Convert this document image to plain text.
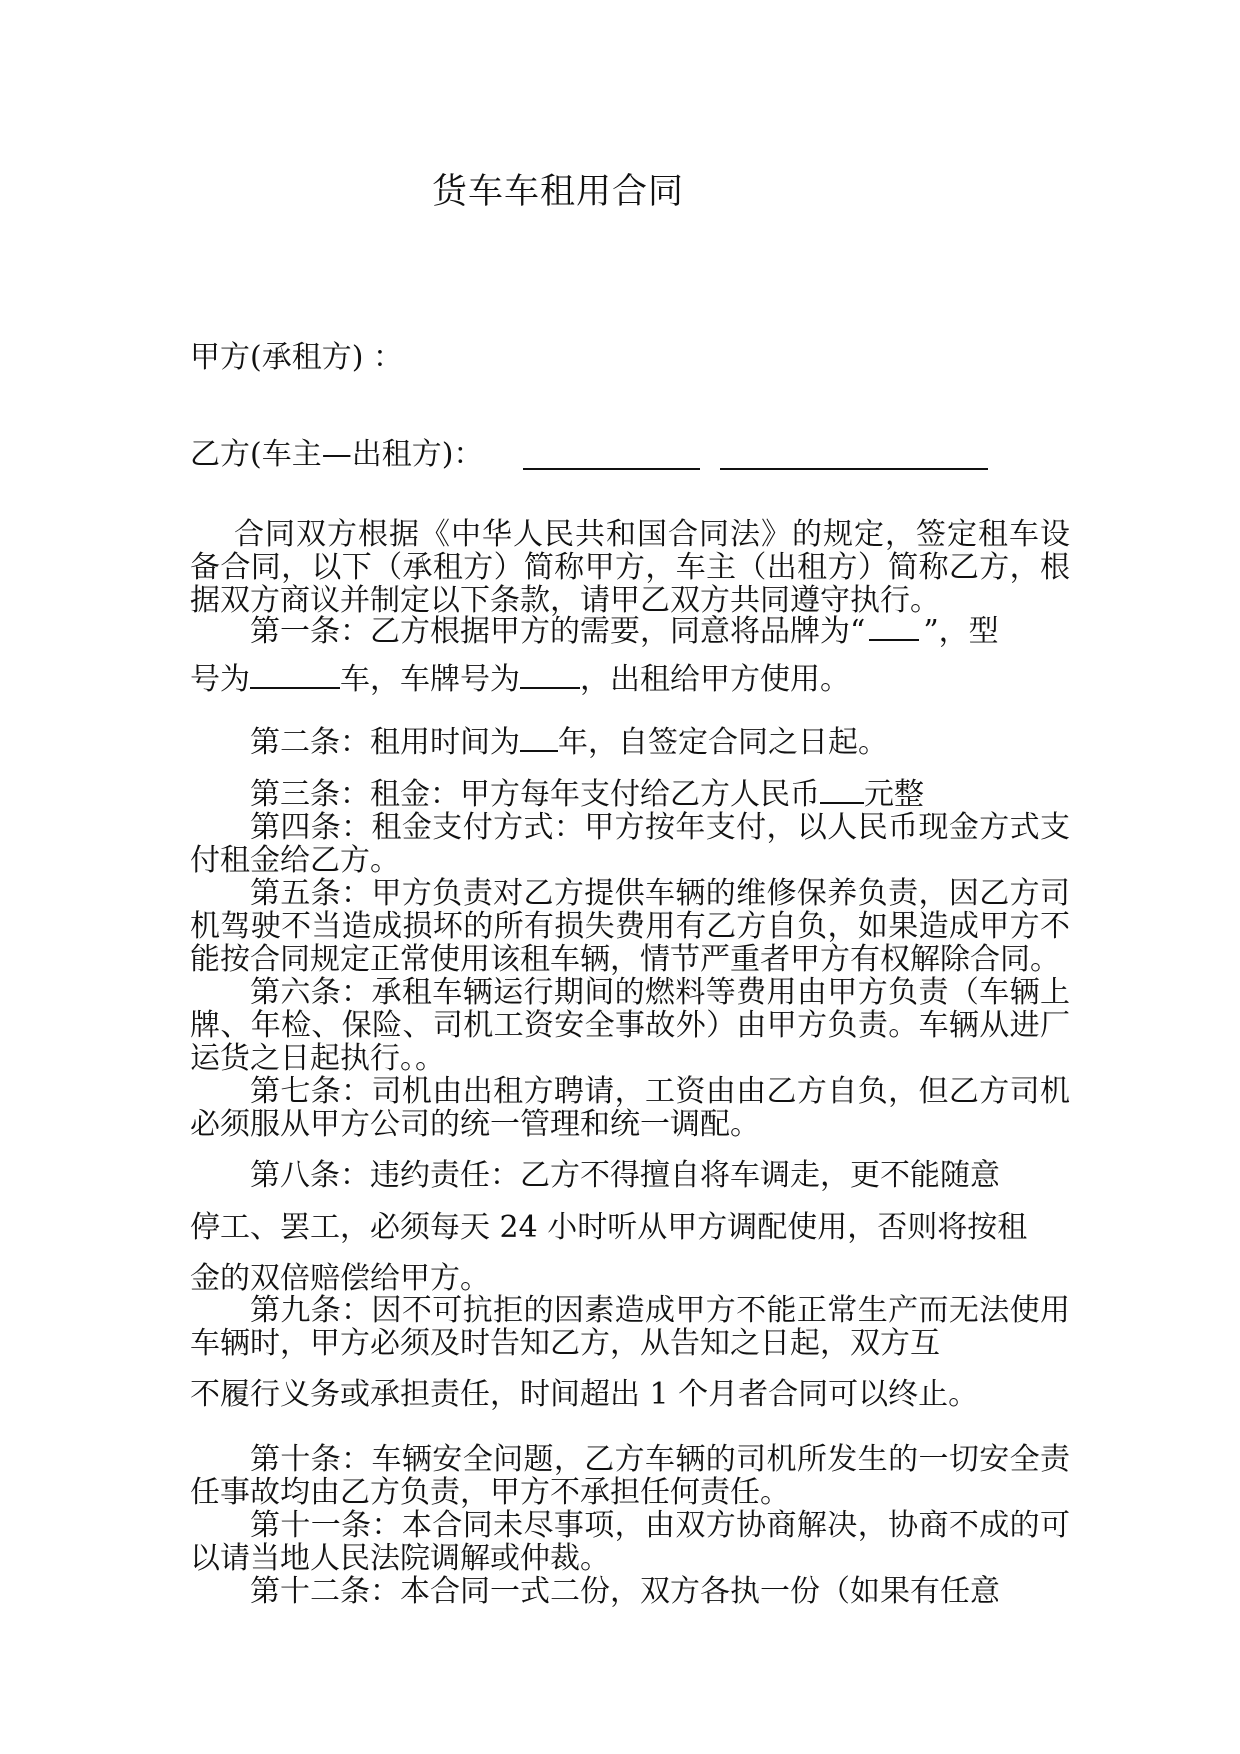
货车车租用合同
甲方(承租方) ：
乙方(车主—出租方)：

合同双方根据《中华人民共和国合同法》的规定，签定租车设备合同，以下（承租方）简称甲方，车主（出租方）简称乙方，根据双方商议并制定以下条款，请甲乙双方共同遵守执行。

第一条：乙方根据甲方的需要，同意将品牌为“ ”，型

号为	车，车牌号为 ，出租给甲方使用。

第二条：租用时间为 年，自签定合同之日起。

第三条：租金：甲方每年支付给乙方人民币 元整

第四条：租金支付方式：甲方按年支付，以人民币现金方式支付租金给乙方。

第五条：甲方负责对乙方提供车辆的维修保养负责，因乙方司机驾驶不当造成损坏的所有损失费用有乙方自负，如果造成甲方不能按合同规定正常使用该租车辆，情节严重者甲方有权解除合同。

第六条：承租车辆运行期间的燃料等费用由甲方负责（车辆上牌、年检、保险、司机工资安全事故外）由甲方负责。车辆从进厂运货之日起执行。。

第七条：司机由出租方聘请，工资由由乙方自负，但乙方司机必须服从甲方公司的统一管理和统一调配。

第八条：违约责任：乙方不得擅自将车调走，更不能随意

停工、罢工，必须每天 24 小时听从甲方调配使用，否则将按租

金的双倍赔偿给甲方。

第九条：因不可抗拒的因素造成甲方不能正常生产而无法使用车辆时，甲方必须及时告知乙方，从告知之日起，双方互

不履行义务或承担责任，时间超出 1 个月者合同可以终止。

第十条：车辆安全问题，乙方车辆的司机所发生的一切安全责任事故均由乙方负责，甲方不承担任何责任。

第十一条：本合同未尽事项，由双方协商解决，协商不成的可以请当地人民法院调解或仲裁。

第十二条：本合同一式二份，双方各执一份（如果有任意
